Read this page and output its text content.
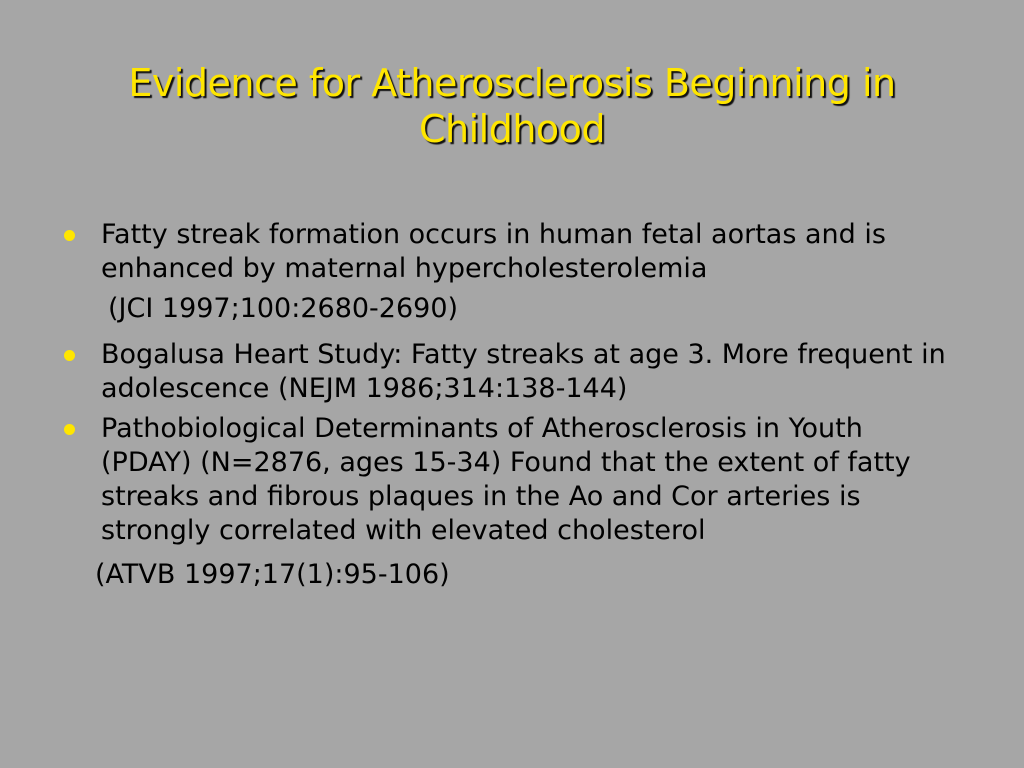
Evidence for Atherosclerosis Beginning in Childhood
Fatty streak formation occurs in human fetal aortas and is enhanced by maternal hypercholesterolemia
(JCI 1997;100:2680-2690)
Bogalusa Heart Study: Fatty streaks at age 3. More frequent in adolescence (NEJM 1986;314:138-144)
Pathobiological Determinants of Atherosclerosis in Youth (PDAY) (N=2876, ages 15-34) Found that the extent of fatty streaks and fibrous plaques in the Ao and Cor arteries is strongly correlated with elevated cholesterol
(ATVB 1997;17(1):95-106)
